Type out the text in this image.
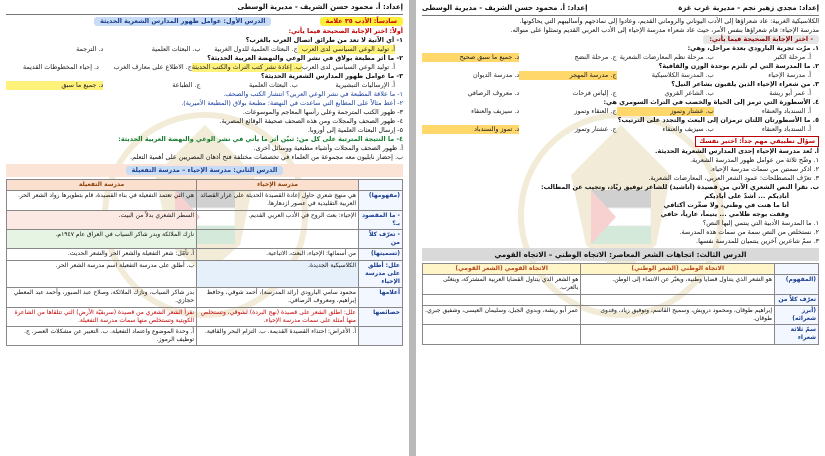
إعداد: أ. محمود حسن الشريف - مديرية الوسطى
سادساً: الأدب ٣٥ علامة
الدرس الأول: عوامل ظهور المدارس الشعرية الحديثة
أولاً: اختر الإجابة الصحيحة فيما يأتي:
١- أي الآتية لا تعد من طرائق اتصال العرب بالغرب؟
أ. توليد الوعي السياسي لدى العرب
ج. البعثات العلمية للدول الغربية
ب. البعثات العلمية
د. الترجمة
٢- ما أثر مطبعة بولاق في نشر الوعي والنهضة العربية الحديثة؟
أ. توليد الوعي السياسي لدى العرب
ب. إعادة نشر كتب التراث والكتب الحديثة
ج. الاطلاع على معارف الغرب
د. إحياء المخطوطات القديمة
٣- ما عوامل ظهور المدارس الشعرية الحديثة؟
أ. الإرساليات التبشيرية
ب. البعثات العلمية
ج. الطباعة
د. جميع ما سبق
١- ما علاقة المطبعة في نشر الوعي العربي؟ انتشار الكتب والصحف.
٢- أعط مثالاً على المطابع التي ساعدت في النهضة: مطبعة بولاق (المطبعة الأميرية).
٣- ظهور الكتب المترجمة وعلى رأسها المعاجم والموسوعات.
٤- ظهور الصحف والمجلات ومن هذه الصحف صحيفة الوقائع المصرية.
٥- إرسال البعثات العلمية إلى أوروبا.
٤- ما النتيجة المترتبة على كل من: ثبيّن أثر ما يأتي في نشر الوعي والنهضة العربية الحديثة:
أ. ظهور الصحف والمجلات وأشياء مطبعية ووسائل أخرى.
ب. إحضار نابليون معه مجموعة من العلماء في تخصصات مختلفة فتح أذهان المصريين على أهمية التعلم.
الدرس الثاني: مدرسة الإحياء – مدرسة التفعيلة
	مدرسة الإحياء	مدرسة التفعيلة
(مفهومها)	هي منهج شعري حاول إعادة القصيدة الحديثة على غرار القصائد العربية التقليدية في عصور ازدهارها.	هي التي تعتمد التفعيلة في بناء القصيدة، قام بتطويرها رواد الشعر الحر.
- ما المقصود بـ؟	الإحياء: بعث الروح في الأدب العربي القديم.	السطر الشعري بدلاً من البيت.
- تعرّف كلاً من		نازك الملائكة وبدر شاكر السياب في العراق عام ١٩٤٧م.
(تسميتها)	من أسمائها: الإحياء، البعث، الاتباعية.	أ. تأمّل: شعر التفعيلة والشعر الحر والشعر الحديث.
علل: أطلق على مدرسة الإحياء	الكلاسيكية الجديدة.	ب. أطلق على مدرسة التفعيلة اسم مدرسة الشعر الحر.
أعلامها	محمود سامي البارودي (رائد المدرسة)، أحمد شوقي، وحافظ إبراهيم، ومعروف الرصافي.	بدر شاكر السياب، ونازك الملائكة، وصلاح عبد الصبور، وأحمد عبد المعطي حجازي.
خصائصها	علل: اطلق الشعر على قصيدة (نهج البردة) لشوقي، وتستخلص منها أمثلة على سمات مدرسة الإحياء.	نقرأ الشعر الشعري من قصيدة (سربقيّة الأرض) التي تتلقاها من الشاعرة الكويتية وتستخلص منها سمات مدرسة التفعيلة.
	أ. الأغراض: احتذاء القصيدة القديمة. ب. التزام البحر والقافية.	أ. وحدة الموضوع واعتماد التفعيلة. ب. التعبير عن مشكلات العصر. ج. توظيف الرموز.
إعداد: مجدي زهير نجم - مديرية غرب غزة
إعداد: أ. محمود حسن الشريف - مديرية الوسطى
الكلاسيكية الغربية: عاد شعراؤها إلى الأدب اليوناني والروماني القديم، وعادوا إلى نماذجهم وأساليبهم التي يحاكونها.
مدرسة الإحياء: قام شعراؤها بنفس الأمر، حيث عاد شعراء مدرسة الإحياء إلى الأدب العربي القديم وتمثلوا على منواله.
- اختر الإجابة الصحيحة فيما يأتي:
١. مرّت تجربة البارودي بعدة مراحل، وهي:
أ. مرحلة الكبر
ب. مرحلة نظم المعارضات الشعرية
ج. مرحلة النضج
د. جميع ما سبق صحيح
٢. ما المدرسة التي لم تلتزم بوحدة الوزن والقافية؟
أ. مدرسة الإحياء
ب. المدرسة الكلاسيكية
ج. مدرسة المهجر
د. مدرسة الديوان
٣. من شعراء الإحياء الذين يلقبون بشاعر النيل؟
أ. عمر أبو ريشة
ب. الشاعر القروي
ج. إلياس فرحات
د. معروف الرصافي
٤. الأسطورة التي ترمز إلى الحياة والخصب في التراث السومري هي:
أ. السندباد والعنقاء
ب. عشتار وتموز
ج. العنقاء وتموز
د. سيزيف والعنقاء
٥. ما الأسطورتان اللتان ترمزان إلى البعث والتجدد على الترتيب؟
أ. السندباد والعنقاء
ب. سيزيف والعنقاء
ج. عشتار وتموز
د. تموز والسندباد
سؤال تطبيقي مهم جداً: اختبر نفسك
أ. تُعد مدرسة الإحياء إحدى المدارس الشعرية الحديثة.
١. وضّح ثلاثة من عوامل ظهور المدرسة الشعرية.
٢. اذكر سمتين من سمات مدرسة الإحياء.
٣. تعرّف المصطلحات: عمود الشعر العربي، المعارضات الشعرية.
ب. نقرأ النص الشعري الآتي من قصيدة (أناشيد) للشاعر توفيق زيّاد، وتجيب عن المطالب:
أناديكم ... أشدّ على أياديكم
أنا ما هنت في وطني، ولا صغّرت أكتافي
وقفت بوجه ظلامي ... يتيماً، عارياً، حافي
١. ما المدرسة الأدبية التي ينتمي إليها النص؟
٢. نستخلص من النص سمة من سمات هذه المدرسة.
٣. سمّ شاعرين آخرين ينتميان للمدرسة نفسها.
الدرس الثالث: اتجاهات الشعر المعاصر: الاتجاه الوطني – الاتجاه القومي
	الاتجاه الوطني (الشعر الوطني)	الاتجاه القومي (الشعر القومي)
(المفهوم)	هو الشعر الذي يتناول قضايا وطنية، ويعبّر عن الانتماء إلى الوطن.	هو الشعر الذي يتناول القضايا العربية المشتركة، ويتغنّى بالعرب.
تعرّف كلاً من		
(أبرز شعرائه)	إبراهيم طوقان، ومحمود درويش، وسميح القاسم، وتوفيق زياد، وفدوى طوقان.	عمر أبو ريشة، وبدوي الجبل، وسليمان العيسى، وشفيق جبري.
سمّ ثلاثة شعراء		
